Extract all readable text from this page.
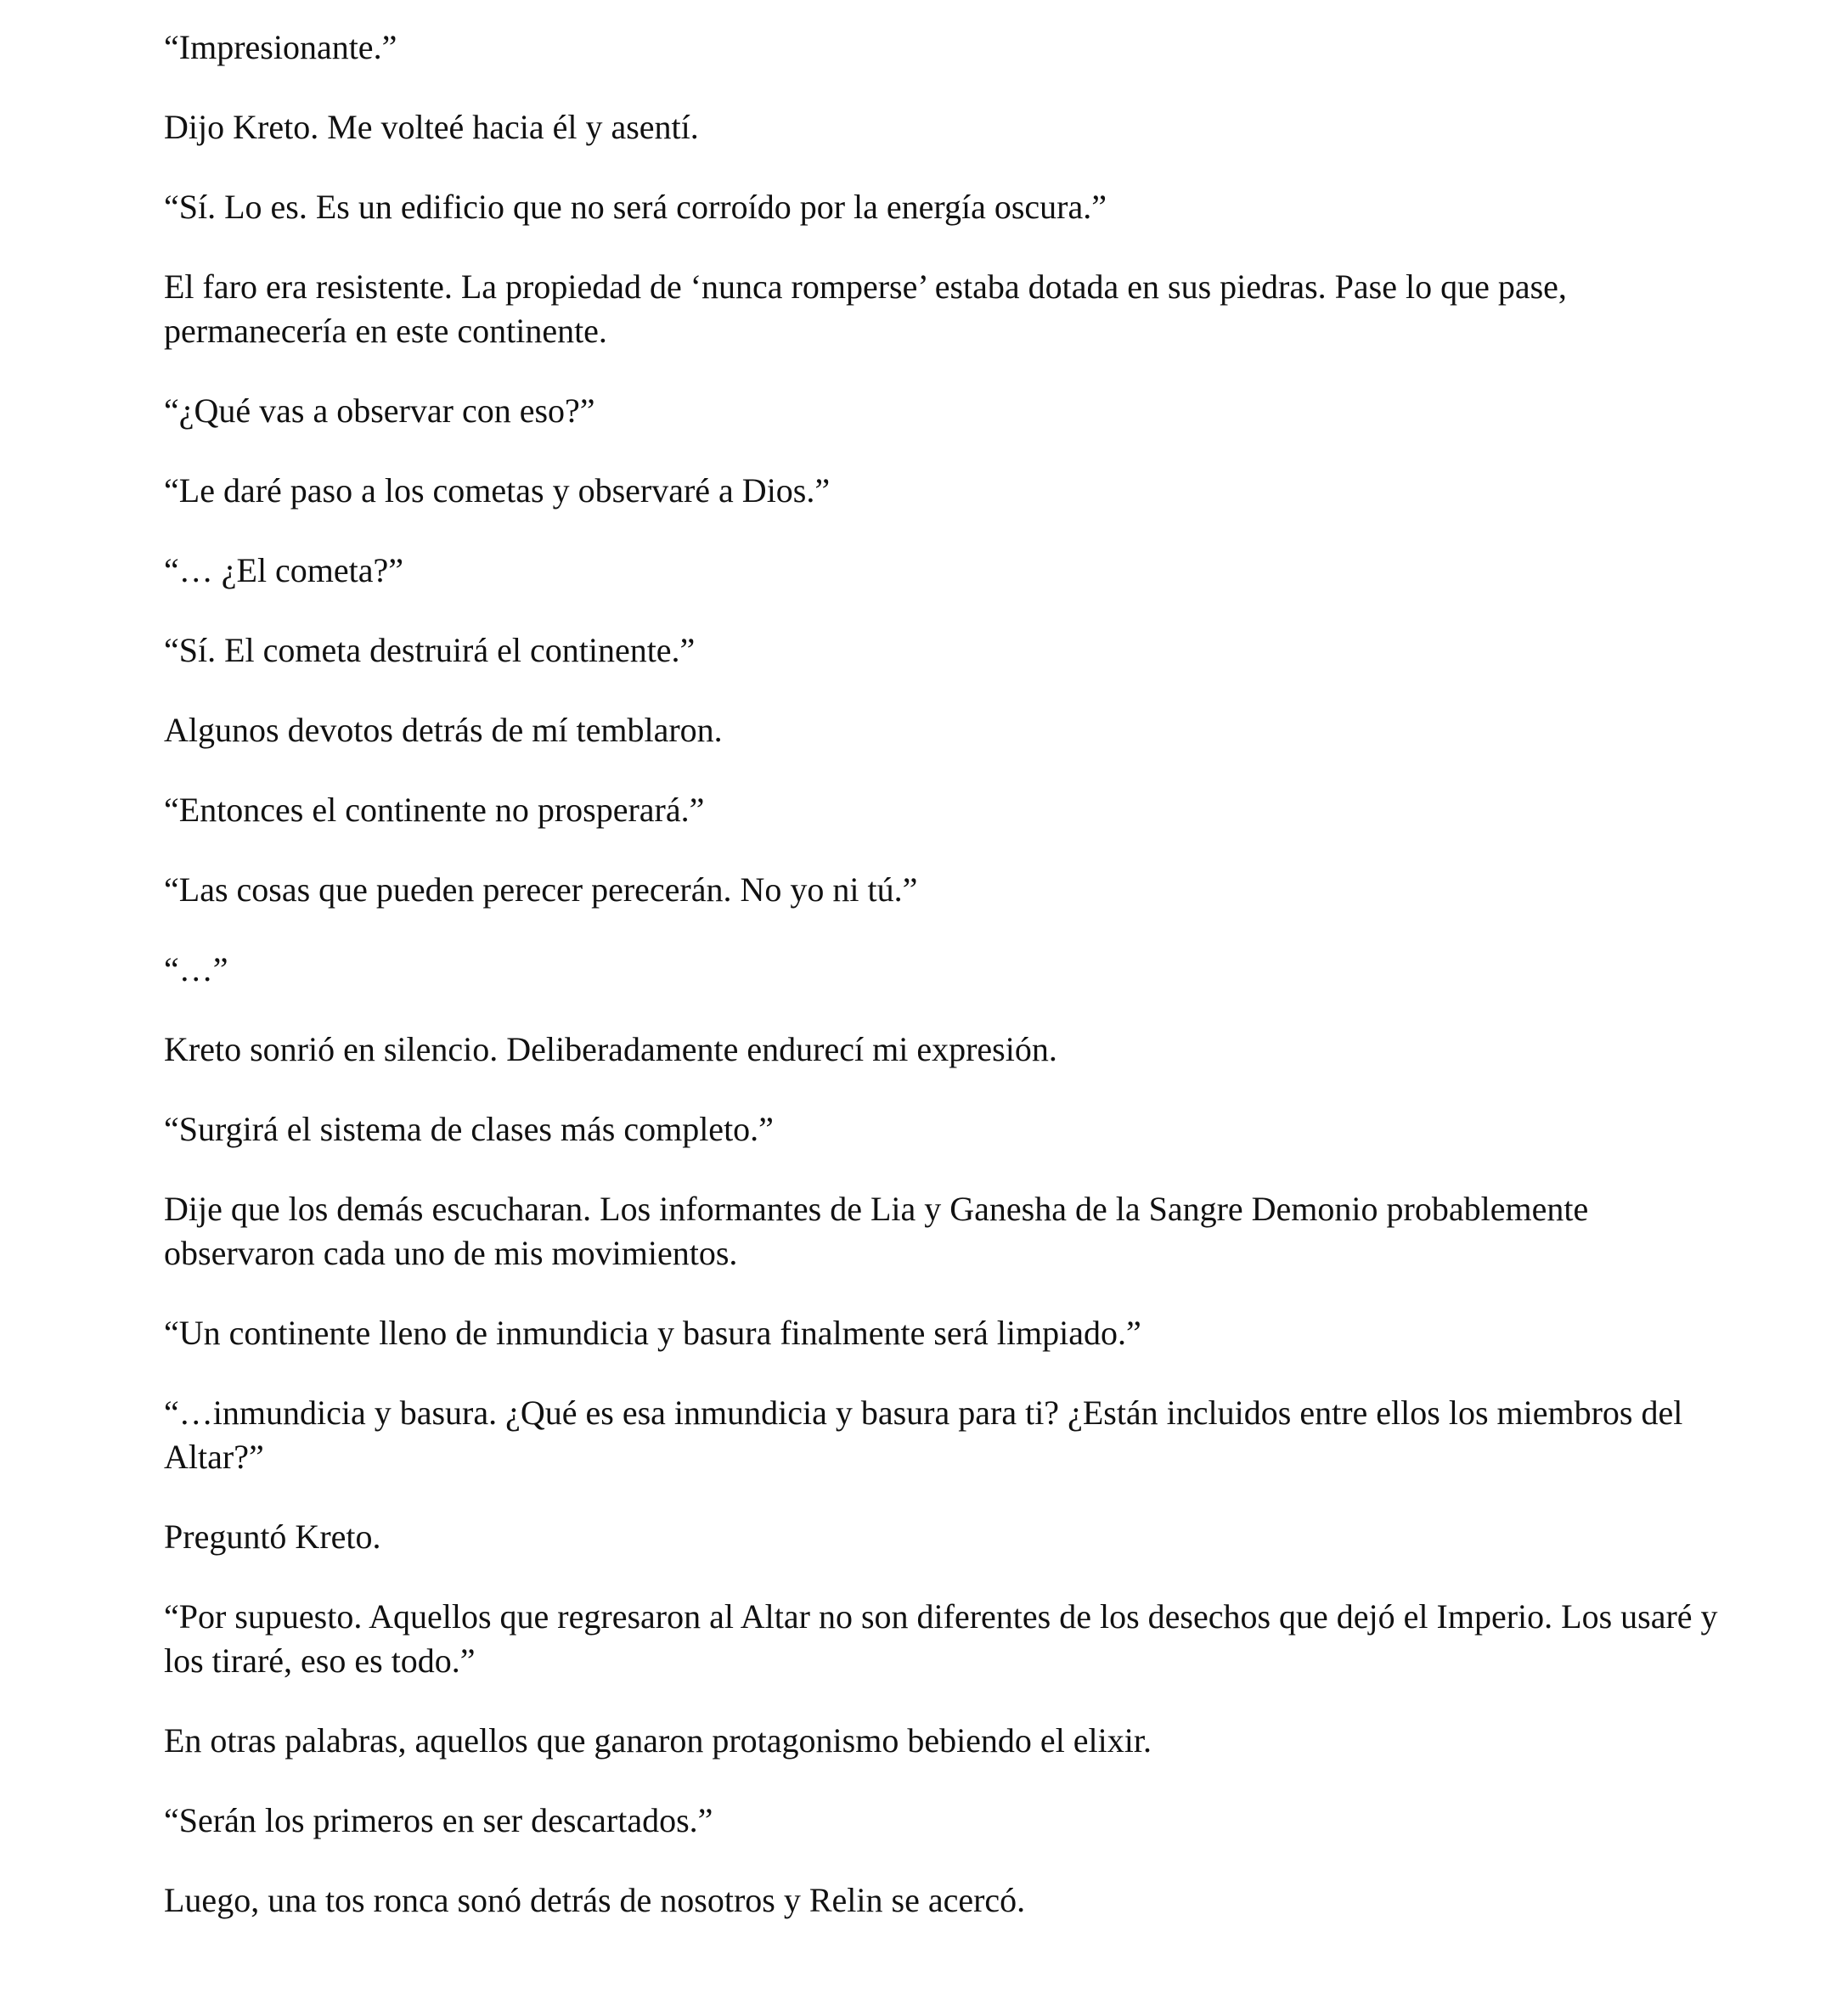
“Impresionante.”

Dijo Kreto. Me volteé hacia él y asentí.

“Sí. Lo es. Es un edificio que no será corroído por la energía oscura.”

El faro era resistente. La propiedad de ‘nunca romperse’ estaba dotada en sus piedras. Pase lo que pase, permanecería en este continente.

“¿Qué vas a observar con eso?”

“Le daré paso a los cometas y observaré a Dios.”

“… ¿El cometa?”

“Sí. El cometa destruirá el continente.”

Algunos devotos detrás de mí temblaron.

“Entonces el continente no prosperará.”

“Las cosas que pueden perecer perecerán. No yo ni tú.”

“…”

Kreto sonrió en silencio. Deliberadamente endurecí mi expresión.

“Surgirá el sistema de clases más completo.”

Dije que los demás escucharan. Los informantes de Lia y Ganesha de la Sangre Demonio probablemente observaron cada uno de mis movimientos.

“Un continente lleno de inmundicia y basura finalmente será limpiado.”

“…inmundicia y basura. ¿Qué es esa inmundicia y basura para ti? ¿Están incluidos entre ellos los miembros del Altar?”

Preguntó Kreto.

“Por supuesto. Aquellos que regresaron al Altar no son diferentes de los desechos que dejó el Imperio. Los usaré y los tiraré, eso es todo.”

En otras palabras, aquellos que ganaron protagonismo bebiendo el elixir.

“Serán los primeros en ser descartados.”

Luego, una tos ronca sonó detrás de nosotros y Relin se acercó.
